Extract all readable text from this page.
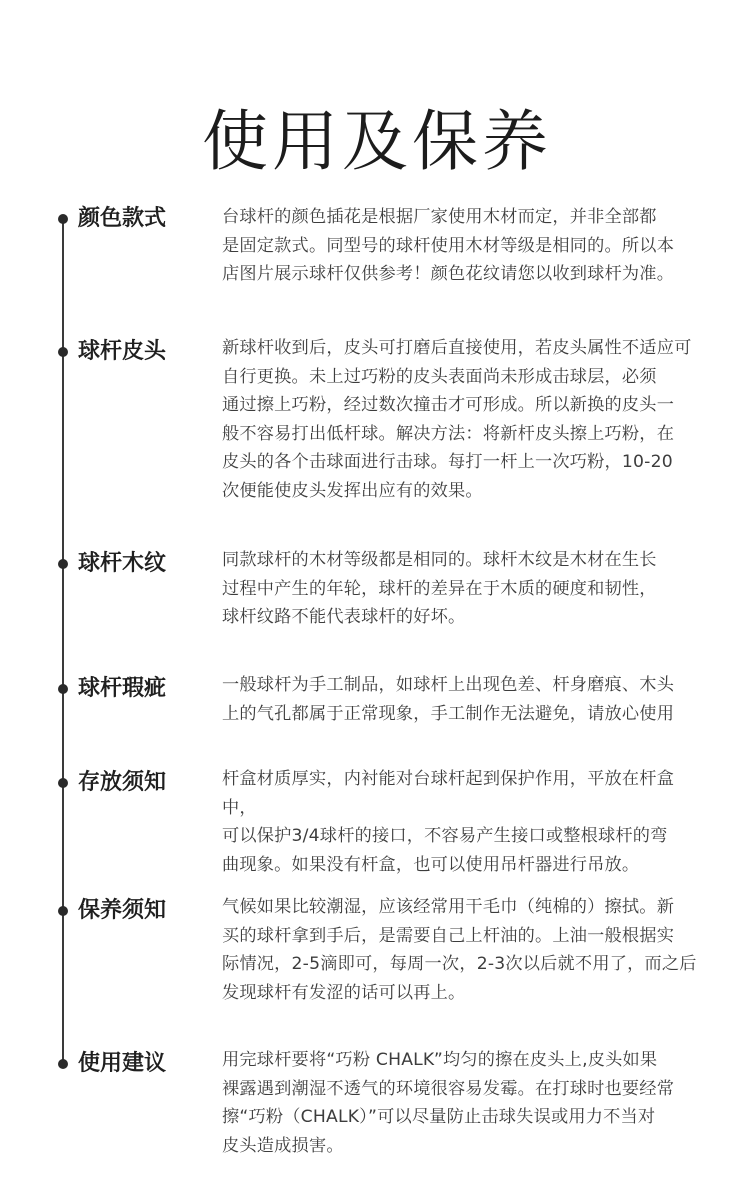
使用及保养
颜色款式	台球杆的颜色插花是根据厂家使用木材而定，并非全部都
是固定款式。同型号的球杆使用木材等级是相同的。所以本
店图片展示球杆仅供参考！颜色花纹请您以收到球杆为准。
球杆皮头	新球杆收到后，皮头可打磨后直接使用，若皮头属性不适应可
自行更换。未上过巧粉的皮头表面尚未形成击球层，必须
通过擦上巧粉，经过数次撞击才可形成。所以新换的皮头一
般不容易打出低杆球。解决方法：将新杆皮头擦上巧粉，在
皮头的各个击球面进行击球。每打一杆上一次巧粉，10-20
次便能使皮头发挥出应有的效果。
球杆木纹	同款球杆的木材等级都是相同的。球杆木纹是木材在生长
过程中产生的年轮，球杆的差异在于木质的硬度和韧性，
球杆纹路不能代表球杆的好坏。
球杆瑕疵	一般球杆为手工制品，如球杆上出现色差、杆身磨痕、木头
上的气孔都属于正常现象，手工制作无法避免，请放心使用
存放须知	杆盒材质厚实，内衬能对台球杆起到保护作用，平放在杆盒中，
可以保护3/4球杆的接口，不容易产生接口或整根球杆的弯
曲现象。如果没有杆盒，也可以使用吊杆器进行吊放。
保养须知	气候如果比较潮湿，应该经常用干毛巾（纯棉的）擦拭。新
买的球杆拿到手后，是需要自己上杆油的。上油一般根据实
际情况，2-5滴即可，每周一次，2-3次以后就不用了，而之后
发现球杆有发涩的话可以再上。
使用建议	用完球杆要将“巧粉 CHALK”均匀的擦在皮头上,皮头如果
裸露遇到潮湿不透气的环境很容易发霉。在打球时也要经常
擦“巧粉（CHALK）”可以尽量防止击球失误或用力不当对
皮头造成损害。
